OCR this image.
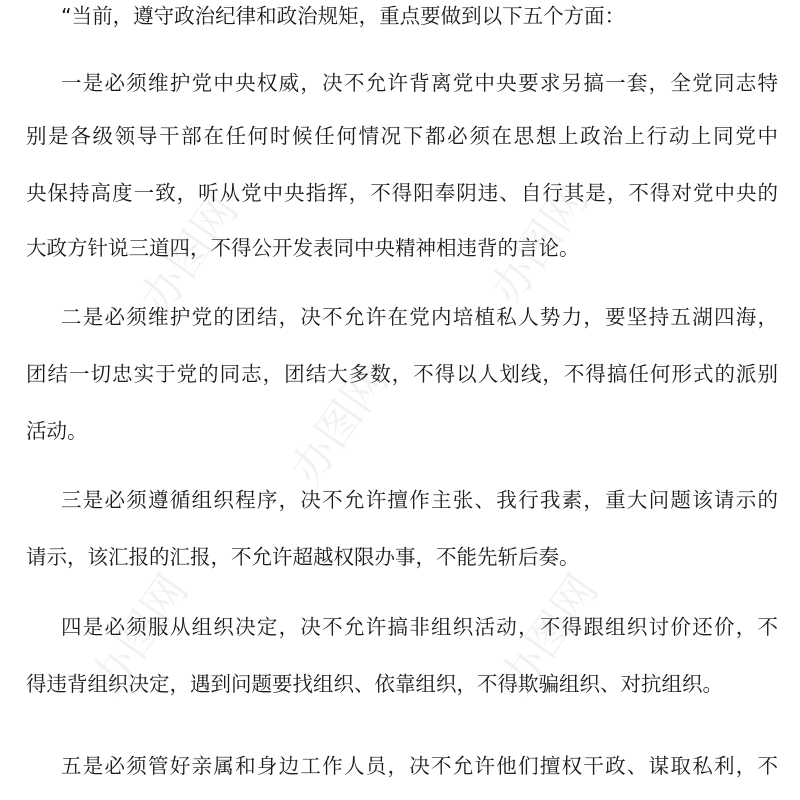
办图网	办图网
办图网
办图网	办图网
“当前，遵守政治纪律和政治规矩，重点要做到以下五个方面：
一是必须维护党中央权威，决不允许背离党中央要求另搞一套，全党同志特
别是各级领导干部在任何时候任何情况下都必须在思想上政治上行动上同党中
央保持高度一致，听从党中央指挥，不得阳奉阴违、自行其是，不得对党中央的
大政方针说三道四，不得公开发表同中央精神相违背的言论。
二是必须维护党的团结，决不允许在党内培植私人势力，要坚持五湖四海，
团结一切忠实于党的同志，团结大多数，不得以人划线，不得搞任何形式的派别
活动。
三是必须遵循组织程序，决不允许擅作主张、我行我素，重大问题该请示的
请示，该汇报的汇报，不允许超越权限办事，不能先斩后奏。
四是必须服从组织决定，决不允许搞非组织活动，不得跟组织讨价还价，不
得违背组织决定，遇到问题要找组织、依靠组织，不得欺骗组织、对抗组织。
五是必须管好亲属和身边工作人员，决不允许他们擅权干政、谋取私利，不
